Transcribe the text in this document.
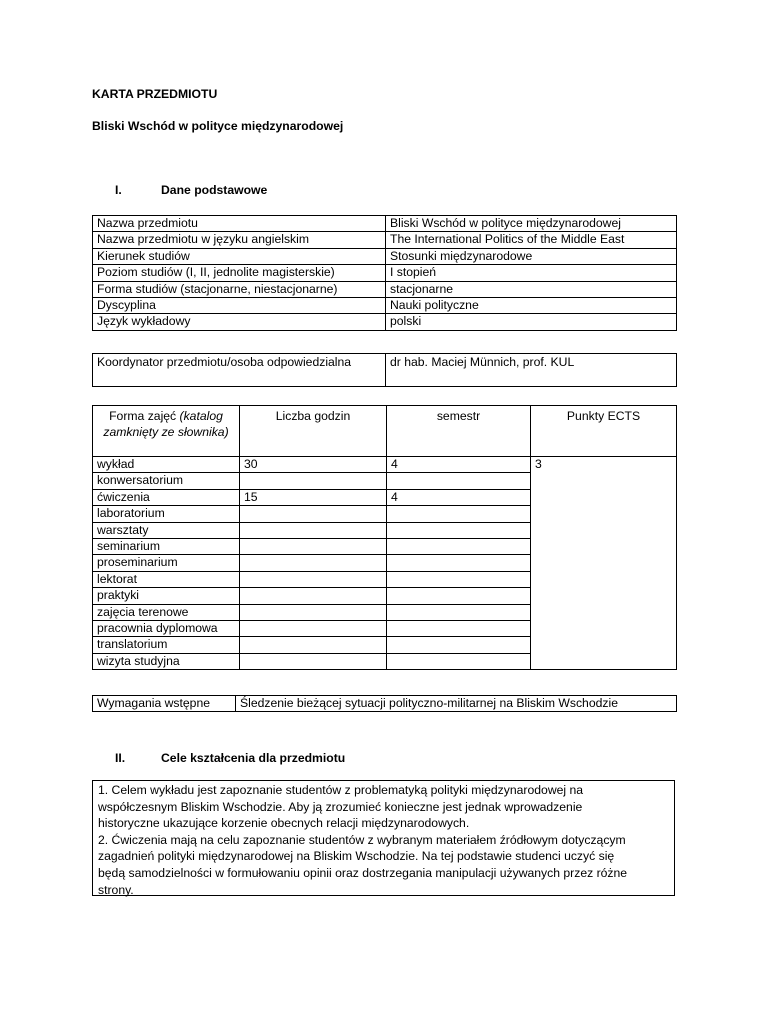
KARTA PRZEDMIOTU
Bliski Wschód w polityce międzynarodowej
I.	Dane podstawowe
Nazwa przedmiotu	Bliski Wschód w polityce międzynarodowej
Nazwa przedmiotu w języku angielskim	The International Politics of the Middle East
Kierunek studiów	Stosunki międzynarodowe
Poziom studiów (I, II, jednolite magisterskie)	I stopień
Forma studiów (stacjonarne, niestacjonarne)	stacjonarne
Dyscyplina	Nauki polityczne
Język wykładowy	polski
Koordynator przedmiotu/osoba odpowiedzialna	dr hab. Maciej Münnich, prof. KUL
Forma zajęć (katalog zamknięty ze słownika)	Liczba godzin	semestr	Punkty ECTS
wykład	30	4	3
konwersatorium			
ćwiczenia	15	4	
laboratorium			
warsztaty			
seminarium			
proseminarium			
lektorat			
praktyki			
zajęcia terenowe			
pracownia dyplomowa			
translatorium			
wizyta studyjna			
Wymagania wstępne	Śledzenie bieżącej sytuacji polityczno-militarnej na Bliskim Wschodzie
II.	Cele kształcenia dla przedmiotu

1. Celem wykładu jest zapoznanie studentów z problematyką polityki międzynarodowej na

współczesnym Bliskim Wschodzie. Aby ją zrozumieć konieczne jest jednak wprowadzenie

historyczne ukazujące korzenie obecnych relacji międzynarodowych.

2. Ćwiczenia mają na celu zapoznanie studentów z wybranym materiałem źródłowym dotyczącym

zagadnień polityki międzynarodowej na Bliskim Wschodzie. Na tej podstawie studenci uczyć się

będą samodzielności w formułowaniu opinii oraz dostrzegania manipulacji używanych przez różne

strony.
